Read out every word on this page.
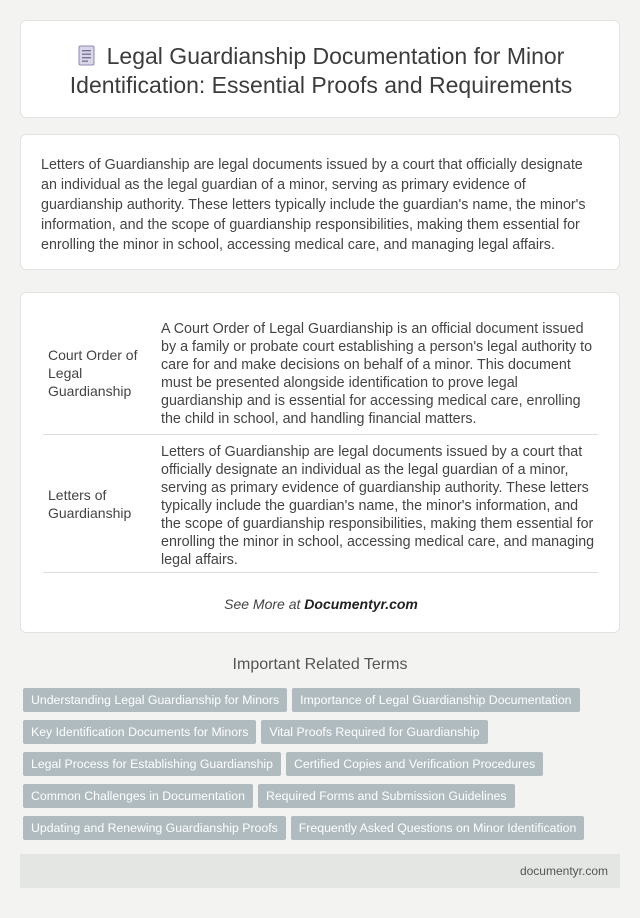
Legal Guardianship Documentation for Minor Identification: Essential Proofs and Requirements

Letters of Guardianship are legal documents issued by a court that officially designate an individual as the legal guardian of a minor, serving as primary evidence of guardianship authority. These letters typically include the guardian's name, the minor's information, and the scope of guardianship responsibilities, making them essential for enrolling the minor in school, accessing medical care, and managing legal affairs.

Court Order of Legal Guardianship
A Court Order of Legal Guardianship is an official document issued by a family or probate court establishing a person's legal authority to care for and make decisions on behalf of a minor. This document must be presented alongside identification to prove legal guardianship and is essential for accessing medical care, enrolling the child in school, and handling financial matters.
Letters of Guardianship
Letters of Guardianship are legal documents issued by a court that officially designate an individual as the legal guardian of a minor, serving as primary evidence of guardianship authority. These letters typically include the guardian's name, the minor's information, and the scope of guardianship responsibilities, making them essential for enrolling the minor in school, accessing medical care, and managing legal affairs.
See More at Documentyr.com
Important Related Terms
Understanding Legal Guardianship for Minors Importance of Legal Guardianship Documentation
Key Identification Documents for Minors Vital Proofs Required for Guardianship
Legal Process for Establishing Guardianship Certified Copies and Verification Procedures
Common Challenges in Documentation Required Forms and Submission Guidelines
Updating and Renewing Guardianship Proofs Frequently Asked Questions on Minor Identification
documentyr.com
